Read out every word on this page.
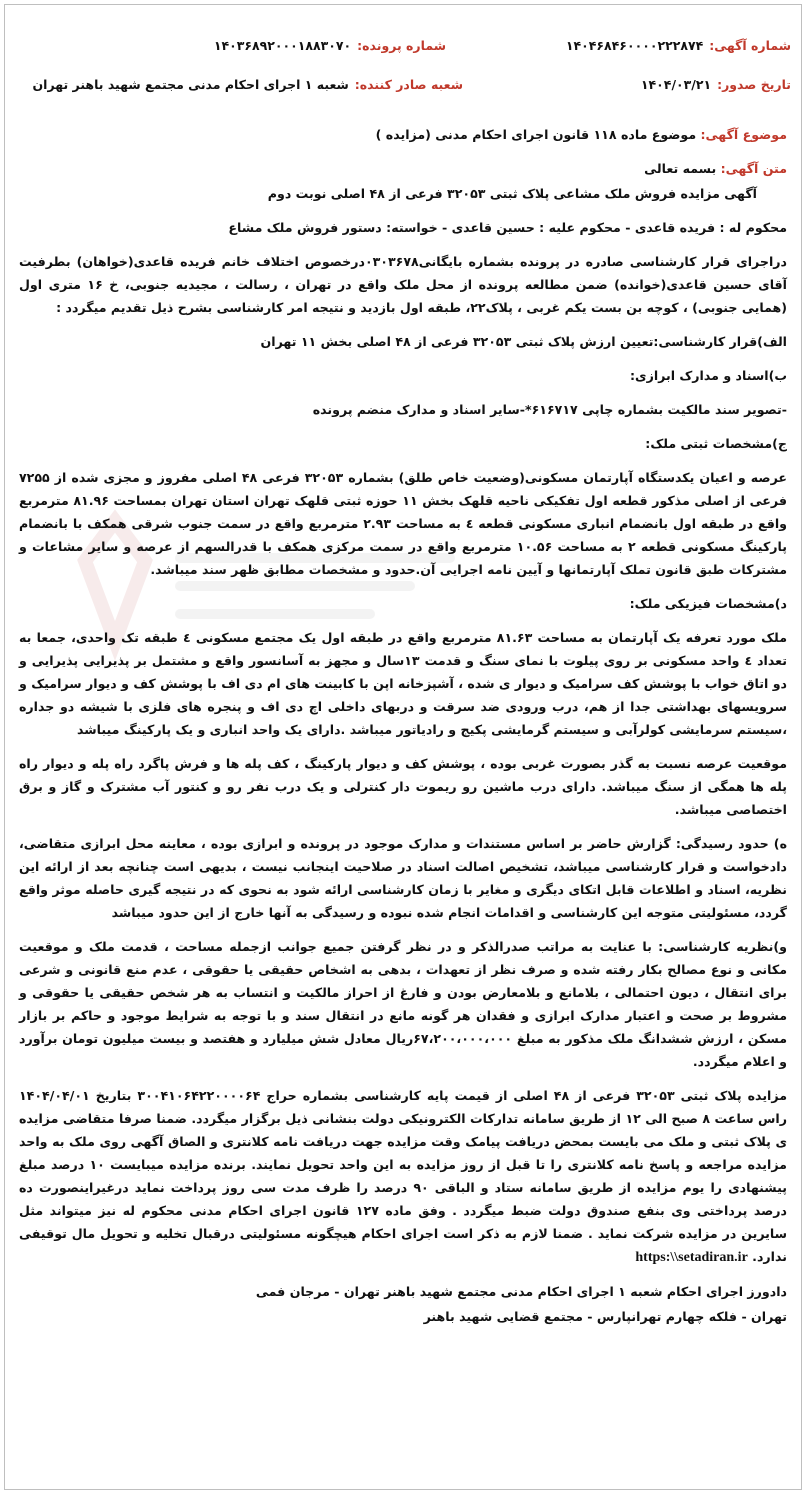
شماره آگهی:۱۴۰۴۶۸۴۶۰۰۰۰۲۲۲۸۷۴
شماره پرونده:۱۴۰۳۶۸۹۲۰۰۰۱۸۸۳۰۷۰
تاریخ صدور:۱۴۰۴/۰۳/۲۱
شعبه صادر کننده:شعبه ۱ اجرای احکام مدنی مجتمع شهید باهنر تهران

موضوع آگهی: موضوع ماده ۱۱۸ قانون اجرای احکام مدنی (مزایده )

متن آگهی: بسمه تعالی

آگهی مزایده فروش ملک مشاعی پلاک ثبتی ۳۲۰۵۳ فرعی از ۴۸ اصلی نوبت دوم

محکوم له : فریده قاعدی - محکوم علیه : حسین قاعدی - خواسته: دستور فروش ملک مشاع

دراجرای قرار کارشناسی صادره در پرونده بشماره بایگانی۰۳۰۳۶۷۸درخصوص اختلاف خانم فریده قاعدی(خواهان) بطرفیت آقای حسین قاعدی(خوانده) ضمن مطالعه پرونده از محل ملک واقع در تهران ، رسالت ، مجیدیه جنوبی، خ ۱۶ متری اول (همایی جنوبی) ، کوچه بن بست یکم غربی ، پلاک۲۲، طبقه اول بازدید و نتیجه امر کارشناسی بشرح ذیل تقدیم میگردد :

الف)قرار کارشناسی:تعیین ارزش پلاک ثبتی ۳۲۰۵۳ فرعی از ۴۸ اصلی بخش ۱۱ تهران

ب)اسناد و مدارک ابرازی:

-تصویر سند مالکیت بشماره چاپی ۶۱۶۷۱۷*-سایر اسناد و مدارک منضم پرونده

ج)مشخصات ثبتی ملک:

عرصه و اعیان یکدستگاه آپارتمان مسکونی(وضعیت خاص طلق) بشماره ۳۲۰۵۳ فرعی ۴۸ اصلی مفروز و مجزی شده از ۷۲۵۵ فرعی از اصلی مذکور قطعه اول تفکیکی ناحیه قلهک بخش ۱۱ حوزه ثبتی قلهک تهران استان تهران بمساحت ۸۱.۹۶ مترمربع واقع در طبقه اول بانضمام انباری مسکونی قطعه ٤ به مساحت ۲.۹۳ مترمربع واقع در سمت جنوب شرقی همکف با بانضمام پارکینگ مسکونی قطعه ۲ به مساحت ۱۰.۵۶ مترمربع واقع در سمت مرکزی همکف با قدرالسهم از عرصه و سایر مشاعات و مشترکات طبق قانون تملک آپارتمانها و آیین نامه اجرایی آن.حدود و مشخصات مطابق ظهر سند میباشد.

د)مشخصات فیزیکی ملک:

ملک مورد تعرفه یک آپارتمان به مساحت ۸۱.۶۳ مترمربع واقع در طبقه اول یک مجتمع مسکونی ٤ طبقه تک واحدی، جمعا به تعداد ٤ واحد مسکونی بر روی پیلوت با نمای سنگ و قدمت ۱۳سال و مجهز به آسانسور واقع و مشتمل بر پذیرایی پذیرایی و دو اتاق خواب با پوشش کف سرامیک و دیوار ی شده ، آشپزخانه اپن با کابینت های ام دی اف با پوشش کف و دیوار سرامیک و سرویسهای بهداشتی جدا از هم، درب ورودی ضد سرقت و دربهای داخلی اچ دی اف و پنجره های فلزی با شیشه دو جداره ،سیستم سرمایشی کولرآبی و سیستم گرمایشی پکیج و رادیاتور میباشد .دارای یک واحد انباری و یک پارکینگ میباشد

موقعیت عرصه نسبت به گذر بصورت غربی بوده ، پوشش کف و دیوار پارکینگ ، کف پله ها و فرش پاگرد راه پله و دیوار راه پله ها همگی از سنگ میباشد. دارای درب ماشین رو ریموت دار کنترلی و یک درب نفر رو و کنتور آب مشترک و گاز و برق اختصاصی میباشد.

ه) حدود رسیدگی: گزارش حاضر بر اساس مستندات و مدارک موجود در پرونده و ابرازی بوده ، معاینه محل ابرازی متقاضی، دادخواست و قرار کارشناسی میباشد، تشخیص اصالت اسناد در صلاحیت اینجانب نیست ، بدیهی است چنانچه بعد از ارائه این نظریه، اسناد و اطلاعات قابل اتکای دیگری و مغایر با زمان کارشناسی ارائه شود به نحوی که در نتیجه گیری حاصله موثر واقع گردد، مسئولیتی متوجه این کارشناسی و اقدامات انجام شده نبوده و رسیدگی به آنها خارج از این حدود میباشد

و)نظریه کارشناسی: با عنایت به مراتب صدرالذکر و در نظر گرفتن جمیع جوانب ازجمله مساحت ، قدمت ملک و موقعیت مکانی و نوع مصالح بکار رفته شده و صرف نظر از تعهدات ، بدهی به اشخاص حقیقی یا حقوقی ، عدم منع قانونی و شرعی برای انتقال ، دیون احتمالی ، بلامانع و بلامعارض بودن و فارغ از احراز مالکیت و انتساب به هر شخص حقیقی یا حقوقی و مشروط بر صحت و اعتبار مدارک ابرازی و فقدان هر گونه مانع در انتقال سند و با توجه به شرایط موجود و حاکم بر بازار مسکن ، ارزش ششدانگ ملک مذکور به مبلغ ۶۷،۲۰۰،۰۰۰،۰۰۰ریال معادل شش میلیارد و هفتصد و بیست میلیون تومان برآورد و اعلام میگردد.

مزایده پلاک ثبتی ۳۲۰۵۳ فرعی از ۴۸ اصلی از قیمت پایه کارشناسی بشماره حراج ۳۰۰۴۱۰۶۴۲۲۰۰۰۰۶۴ بتاریخ ۱۴۰۴/۰۴/۰۱ راس ساعت ۸ صبح الی ۱۲ از طریق سامانه تدارکات الکترونیکی دولت بنشانی ذیل برگزار میگردد. ضمنا صرفا متقاضی مزایده ی پلاک ثبتی و ملک می بایست بمحض دریافت پیامک وقت مزایده جهت دریافت نامه کلانتری و الصاق آگهی روی ملک به واحد مزایده مراجعه و پاسخ نامه کلانتری را تا قبل از روز مزایده به این واحد تحویل نمایند. برنده مزایده میبایست ۱۰ درصد مبلغ پیشنهادی را یوم مزایده از طریق سامانه ستاد و الباقی ۹۰ درصد را ظرف مدت سی روز پرداخت نماید درغیراینصورت ده درصد پرداختی وی بنفع صندوق دولت ضبط میگردد . وفق ماده ۱۲۷ قانون اجرای احکام مدنی محکوم له نیز میتواند مثل سایرین در مزایده شرکت نماید . ضمنا لازم به ذکر است اجرای احکام هیچگونه مسئولیتی درقبال تخلیه و تحویل مال توقیفی ندارد. https:\\setadiran.ir

دادورز اجرای احکام شعبه ۱ اجرای احکام مدنی مجتمع شهید باهنر تهران - مرجان فمی

تهران - فلکه چهارم تهرانپارس - مجتمع قضایی شهید باهنر
